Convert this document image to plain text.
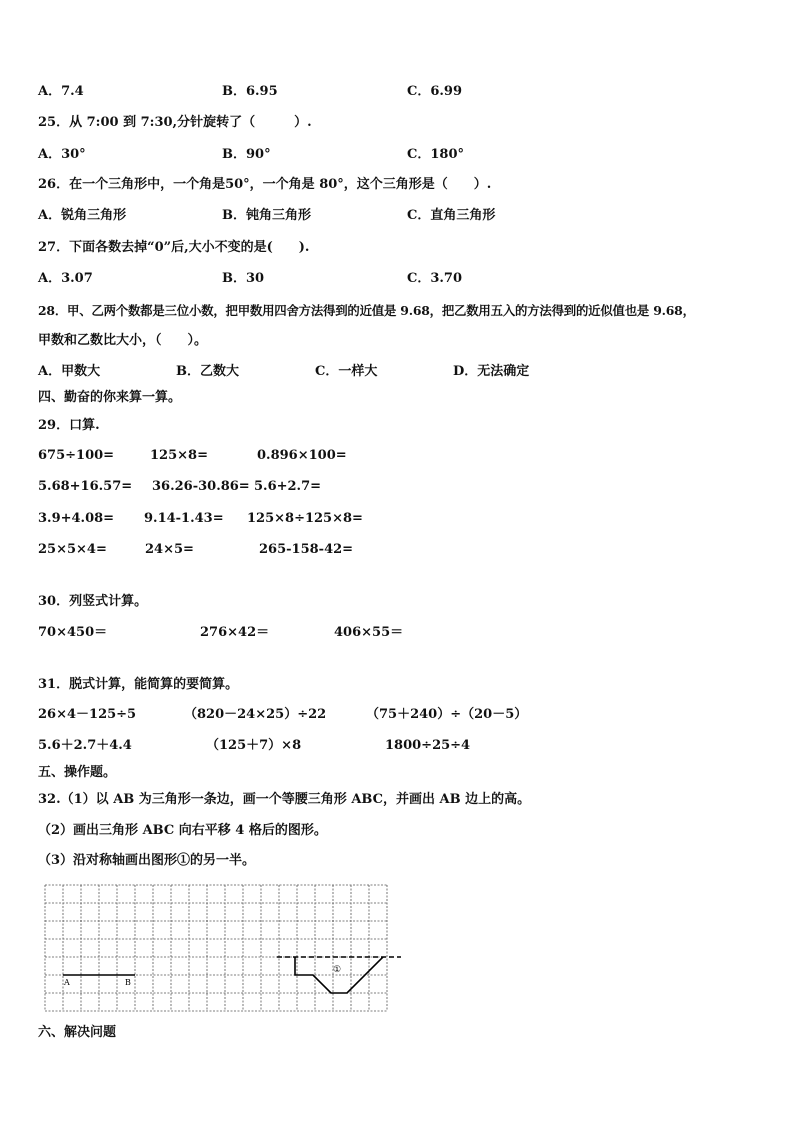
A．7.4	B．6.95	C．6.99
25．从 7:00 到 7:30,分针旋转了（　　　）.
A．30°	B．90°	C．180°
26．在一个三角形中，一个角是50°，一个角是 80°，这个三角形是（　　）.
A．锐角三角形	B．钝角三角形	C．直角三角形
27．下面各数去掉“0”后,大小不变的是(　　).
A．3.07	B．30	C．3.70
28．甲、乙两个数都是三位小数，把甲数用四舍方法得到的近值是 9.68，把乙数用五入的方法得到的近似值也是 9.68，
甲数和乙数比大小，（　　）。
A．甲数大	B．乙数大	C．一样大	D．无法确定
四、勤奋的你来算一算。
29．口算.
675÷100=	125×8=	0.896×100=
5.68+16.57= 36.26-30.86= 5.6+2.7=
3.9+4.08= 9.14-1.43= 125×8÷125×8=
25×5×4=	24×5=	265-158-42=
30．列竖式计算。
70×450＝	276×42＝	406×55＝
31．脱式计算，能简算的要简算。
26×4－125÷5	（820－24×25）÷22	（75＋240）÷（20－5）
5.6＋2.7＋4.4	（125＋7）×8	1800÷25÷4
五、操作题。
32.（1）以 AB 为三角形一条边，画一个等腰三角形 ABC，并画出 AB 边上的高。
（2）画出三角形 ABC 向右平移 4 格后的图形。
（3）沿对称轴画出图形①的另一半。
A	B
①
六、解决问题
